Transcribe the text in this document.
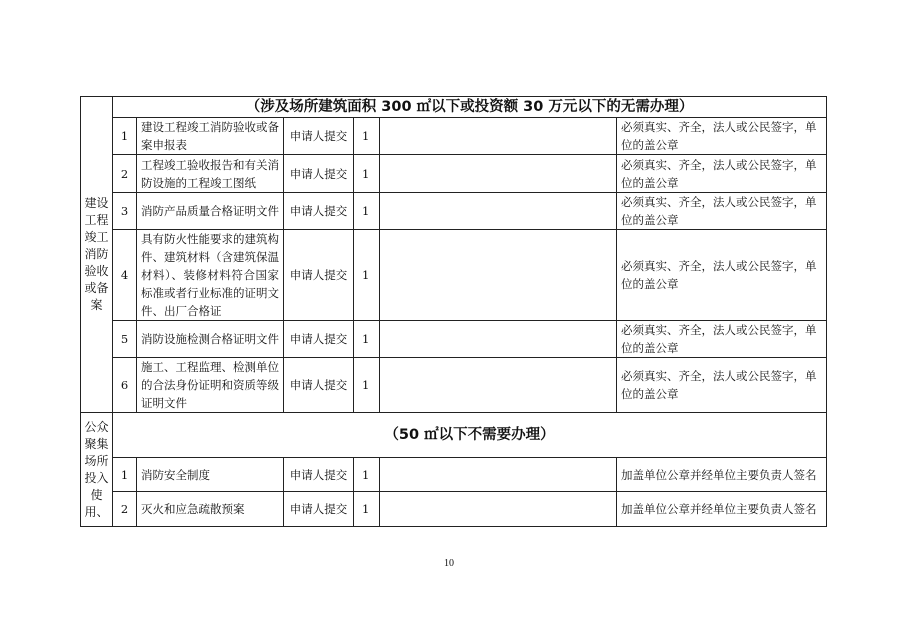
建设工程竣工消防验收或备案	（涉及场所建筑面积 300 ㎡以下或投资额 30 万元以下的无需办理）					
	1	建设工程竣工消防验收或备案申报表	申请人提交	1		必须真实、齐全，法人或公民签字，单位的盖公章
	2	工程竣工验收报告和有关消防设施的工程竣工图纸	申请人提交	1		必须真实、齐全，法人或公民签字，单位的盖公章
	3	消防产品质量合格证明文件	申请人提交	1		必须真实、齐全，法人或公民签字，单位的盖公章
	4	具有防火性能要求的建筑构件、建筑材料（含建筑保温材料）、装修材料符合国家标准或者行业标准的证明文件、出厂合格证	申请人提交	1		必须真实、齐全，法人或公民签字，单位的盖公章
	5	消防设施检测合格证明文件	申请人提交	1		必须真实、齐全，法人或公民签字，单位的盖公章
	6	施工、工程监理、检测单位的合法身份证明和资质等级证明文件	申请人提交	1		必须真实、齐全，法人或公民签字，单位的盖公章
公众聚集场所投入使用、	（50 ㎡以下不需要办理）					
	1	消防安全制度	申请人提交	1		加盖单位公章并经单位主要负责人签名
	2	灭火和应急疏散预案	申请人提交	1		加盖单位公章并经单位主要负责人签名
10
